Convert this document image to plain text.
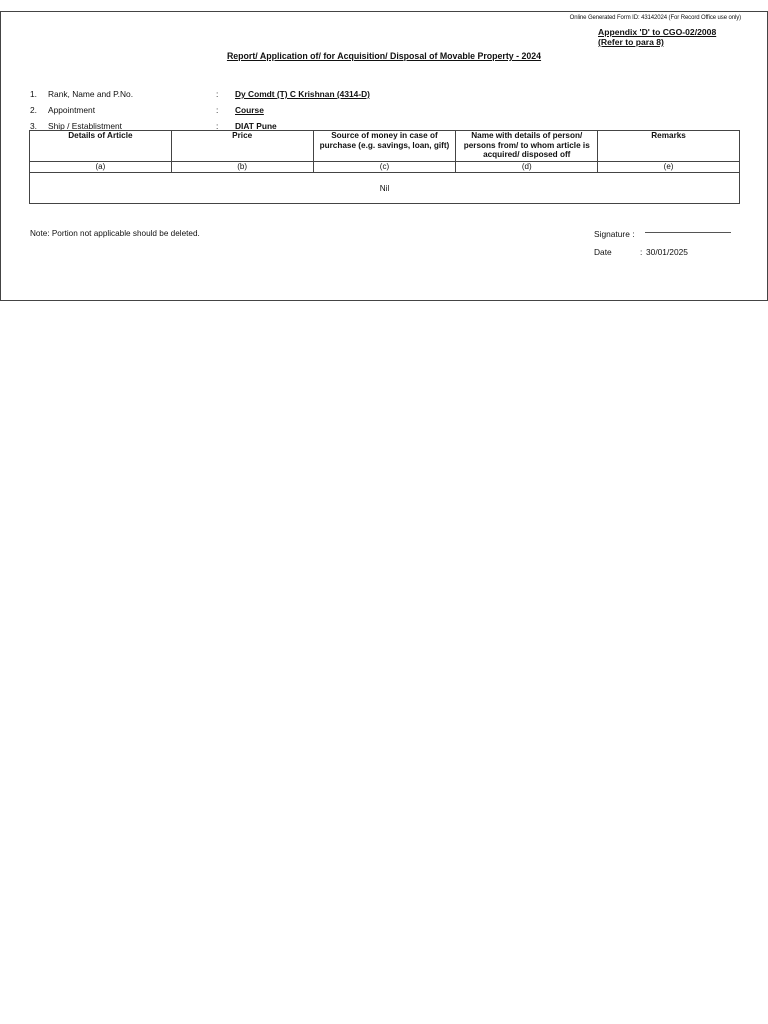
Online Generated Form ID: 43142024 (For Record Office use only)
Appendix 'D' to CGO-02/2008
(Refer to para 8)
Report/ Application of/ for Acquisition/ Disposal of Movable Property - 2024
1. Rank, Name and P.No.	: Dy Comdt (T) C Krishnan (4314-D)
2. Appointment	: Course
3. Ship / Establistment	: DIAT Pune
Details of Article	Price	Source of money in case of purchase (e.g. savings, loan, gift)	Name with details of person/ persons from/ to whom article is acquired/ disposed off	Remarks
(a)	(b)	(c)	(d)	(e)
Nil				
Note: Portion not applicable should be deleted.	Signature :
Date	: 30/01/2025
